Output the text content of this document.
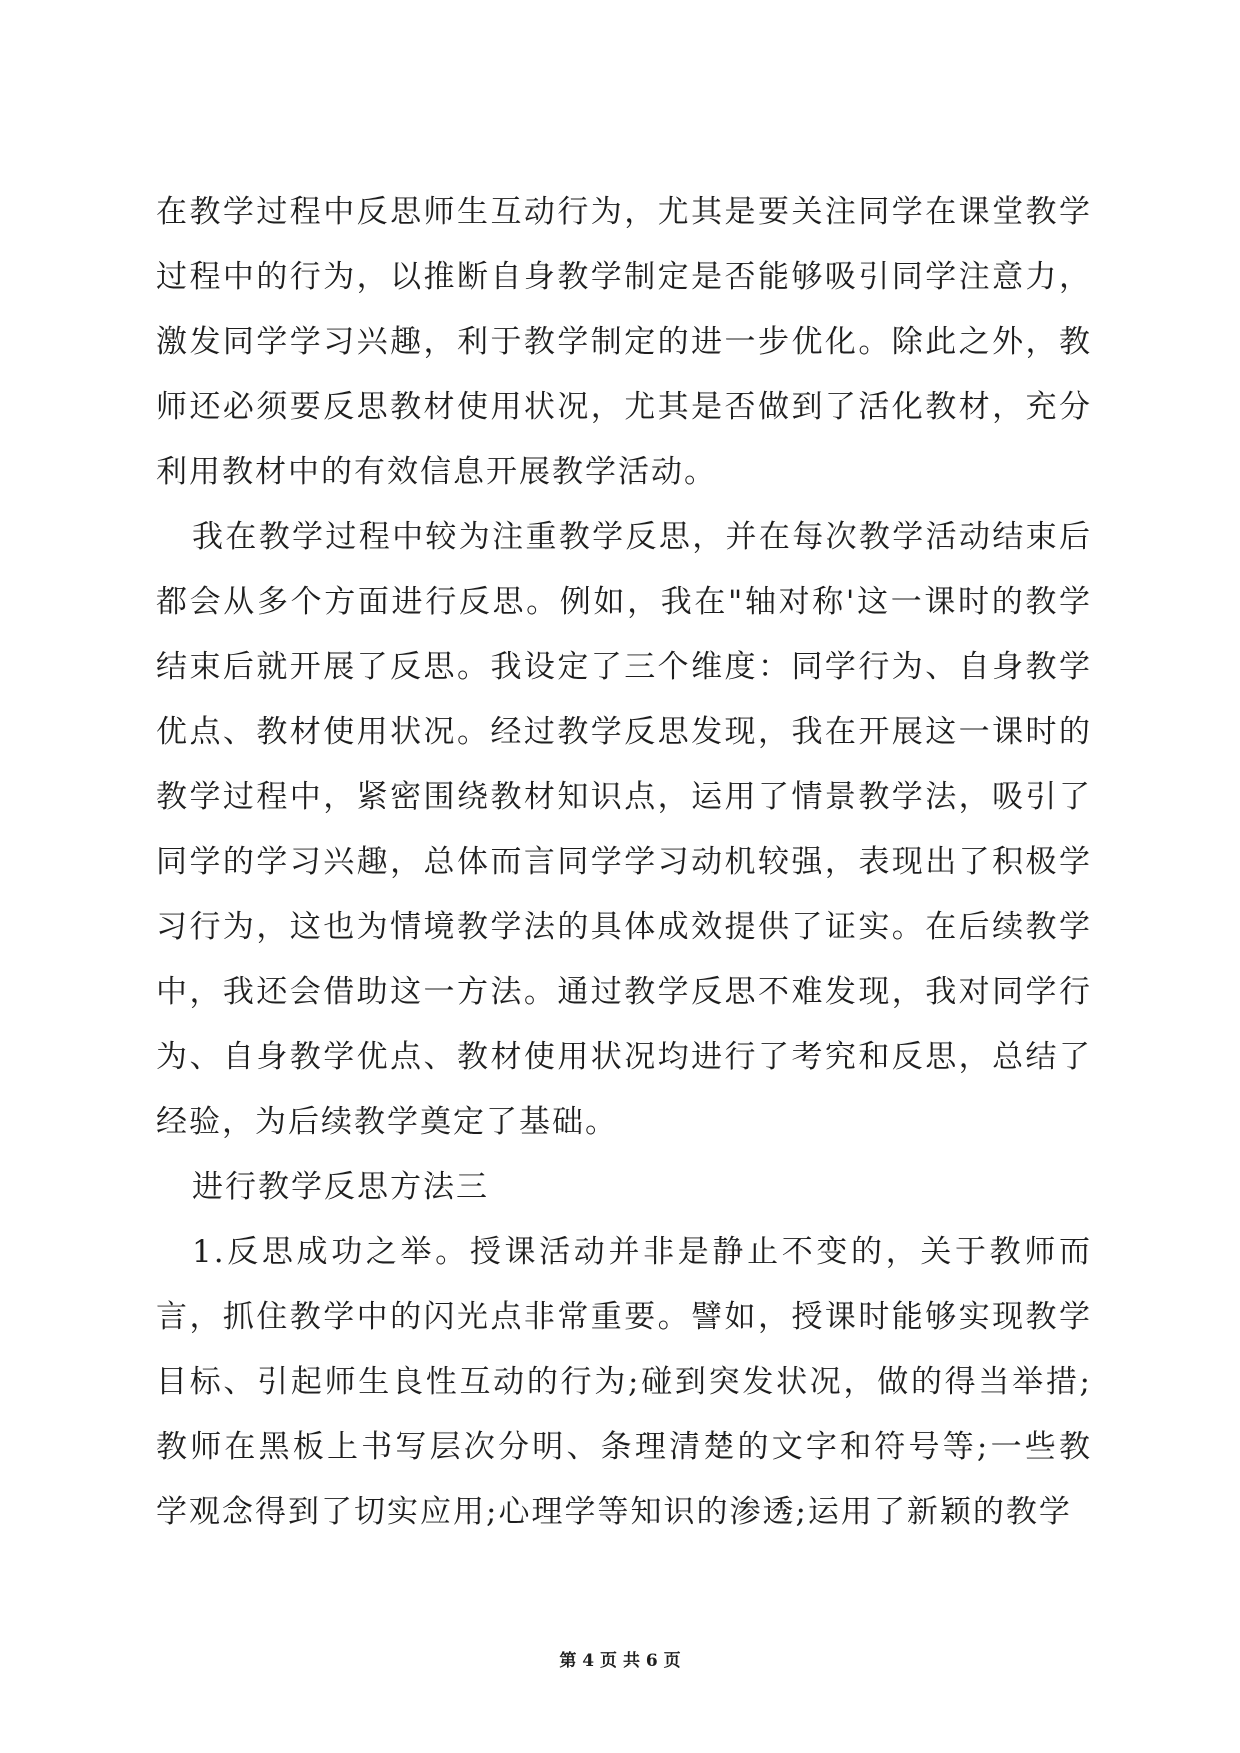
在教学过程中反思师生互动行为，尤其是要关注同学在课堂教学过程中的行为，以推断自身教学制定是否能够吸引同学注意力，激发同学学习兴趣，利于教学制定的进一步优化。除此之外，教师还必须要反思教材使用状况，尤其是否做到了活化教材，充分利用教材中的有效信息开展教学活动。

我在教学过程中较为注重教学反思，并在每次教学活动结束后都会从多个方面进行反思。例如，我在"轴对称'这一课时的教学结束后就开展了反思。我设定了三个维度：同学行为、自身教学优点、教材使用状况。经过教学反思发现，我在开展这一课时的教学过程中，紧密围绕教材知识点，运用了情景教学法，吸引了同学的学习兴趣，总体而言同学学习动机较强，表现出了积极学习行为，这也为情境教学法的具体成效提供了证实。在后续教学中，我还会借助这一方法。通过教学反思不难发现，我对同学行为、自身教学优点、教材使用状况均进行了考究和反思，总结了经验，为后续教学奠定了基础。

进行教学反思方法三

1.反思成功之举。授课活动并非是静止不变的，关于教师而言，抓住教学中的闪光点非常重要。譬如，授课时能够实现教学目标、引起师生良性互动的行为;碰到突发状况，做的得当举措;教师在黑板上书写层次分明、条理清楚的文字和符号等;一些教学观念得到了切实应用;心理学等知识的渗透;运用了新颖的教学

第 4 页 共 6 页
